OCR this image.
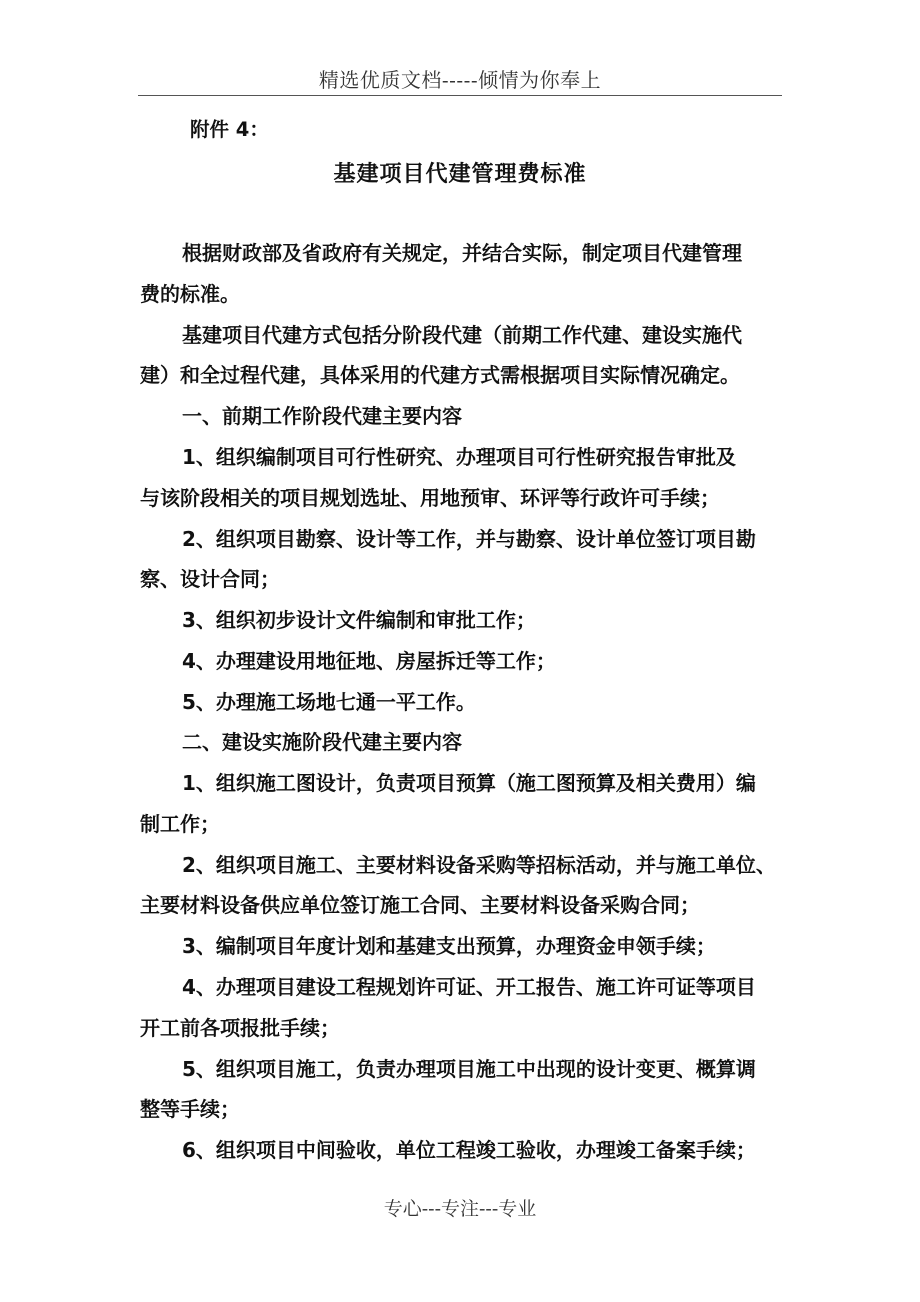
精选优质文档-----倾情为你奉上
附件 4：
基建项目代建管理费标准
根据财政部及省政府有关规定，并结合实际，制定项目代建管理
费的标准。
基建项目代建方式包括分阶段代建（前期工作代建、建设实施代
建）和全过程代建，具体采用的代建方式需根据项目实际情况确定。
一、前期工作阶段代建主要内容
1、组织编制项目可行性研究、办理项目可行性研究报告审批及
与该阶段相关的项目规划选址、用地预审、环评等行政许可手续；
2、组织项目勘察、设计等工作，并与勘察、设计单位签订项目勘
察、设计合同；
3、组织初步设计文件编制和审批工作；
4、办理建设用地征地、房屋拆迁等工作；
5、办理施工场地七通一平工作。
二、建设实施阶段代建主要内容
1、组织施工图设计，负责项目预算（施工图预算及相关费用）编
制工作；
2、组织项目施工、主要材料设备采购等招标活动，并与施工单位、
主要材料设备供应单位签订施工合同、主要材料设备采购合同；
3、编制项目年度计划和基建支出预算，办理资金申领手续；
4、办理项目建设工程规划许可证、开工报告、施工许可证等项目
开工前各项报批手续；
5、组织项目施工，负责办理项目施工中出现的设计变更、概算调
整等手续；
6、组织项目中间验收，单位工程竣工验收，办理竣工备案手续；
专心---专注---专业
